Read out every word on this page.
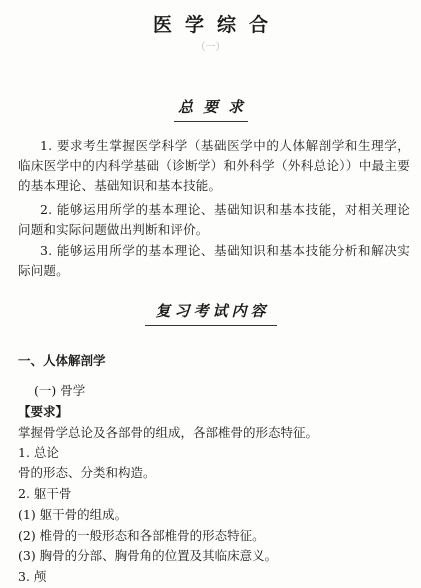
医学综合
（一）
总要求
1. 要求考生掌握医学科学（基础医学中的人体解剖学和生理学，临床医学中的内科学基础（诊断学）和外科学（外科总论））中最主要的基本理论、基础知识和基本技能。
2. 能够运用所学的基本理论、基础知识和基本技能，对相关理论问题和实际问题做出判断和评价。
3. 能够运用所学的基本理论、基础知识和基本技能分析和解决实际问题。
复习考试内容
一、人体解剖学
(一) 骨学
【要求】
掌握骨学总论及各部骨的组成，各部椎骨的形态特征。
1. 总论
骨的形态、分类和构造。
2. 躯干骨
(1) 躯干骨的组成。
(2) 椎骨的一般形态和各部椎骨的形态特征。
(3) 胸骨的分部、胸骨角的位置及其临床意义。
3. 颅
